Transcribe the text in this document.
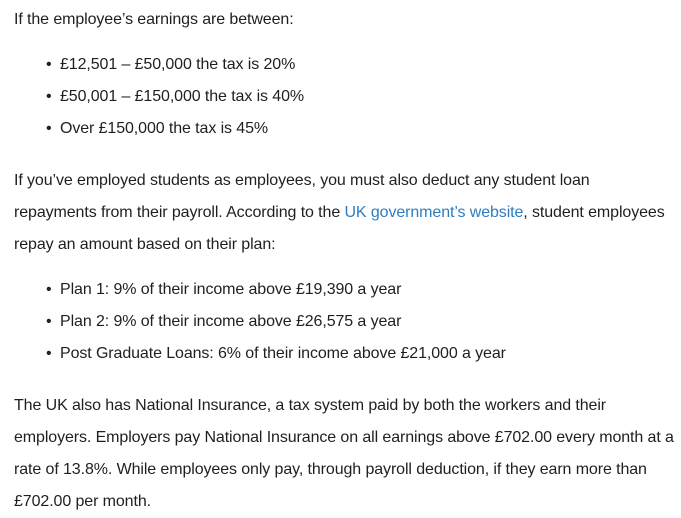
If the employee’s earnings are between:

• £12,501 – £50,000 the tax is 20%
• £50,001 – £150,000 the tax is 40%
• Over £150,000 the tax is 45%

If you’ve employed students as employees, you must also deduct any student loan repayments from their payroll. According to the UK government’s website, student employees repay an amount based on their plan:

• Plan 1: 9% of their income above £19,390 a year
• Plan 2: 9% of their income above £26,575 a year
• Post Graduate Loans: 6% of their income above £21,000 a year

The UK also has National Insurance, a tax system paid by both the workers and their employers. Employers pay National Insurance on all earnings above £702.00 every month at a rate of 13.8%. While employees only pay, through payroll deduction, if they earn more than £702.00 per month.
